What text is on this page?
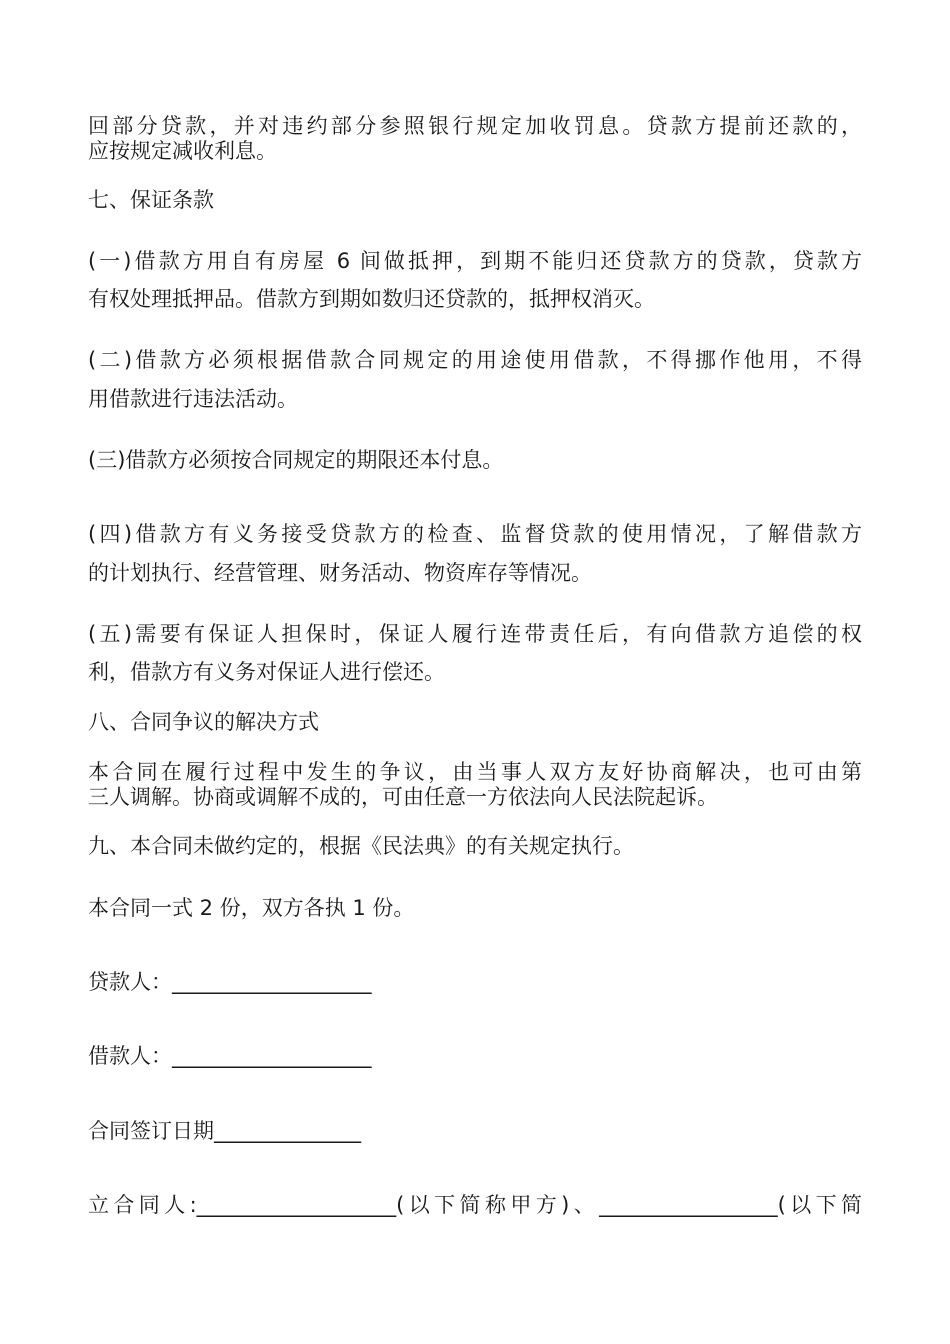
回部分贷款，并对违约部分参照银行规定加收罚息。贷款方提前还款的，

应按规定减收利息。

七、保证条款

(一)借款方用自有房屋 6 间做抵押，到期不能归还贷款方的贷款，贷款方

有权处理抵押品。借款方到期如数归还贷款的，抵押权消灭。

(二)借款方必须根据借款合同规定的用途使用借款，不得挪作他用，不得

用借款进行违法活动。

(三)借款方必须按合同规定的期限还本付息。

(四)借款方有义务接受贷款方的检查、监督贷款的使用情况，了解借款方

的计划执行、经营管理、财务活动、物资库存等情况。

(五)需要有保证人担保时，保证人履行连带责任后，有向借款方追偿的权

利，借款方有义务对保证人进行偿还。

八、合同争议的解决方式

本合同在履行过程中发生的争议，由当事人双方友好协商解决，也可由第

三人调解。协商或调解不成的，可由任意一方依法向人民法院起诉。

九、本合同未做约定的，根据《民法典》的有关规定执行。

本合同一式 2 份，双方各执 1 份。

贷款人：___________________

借款人：___________________

合同签订日期______________

立合同人:___________________(以下简称甲方)、_________________(以下简
